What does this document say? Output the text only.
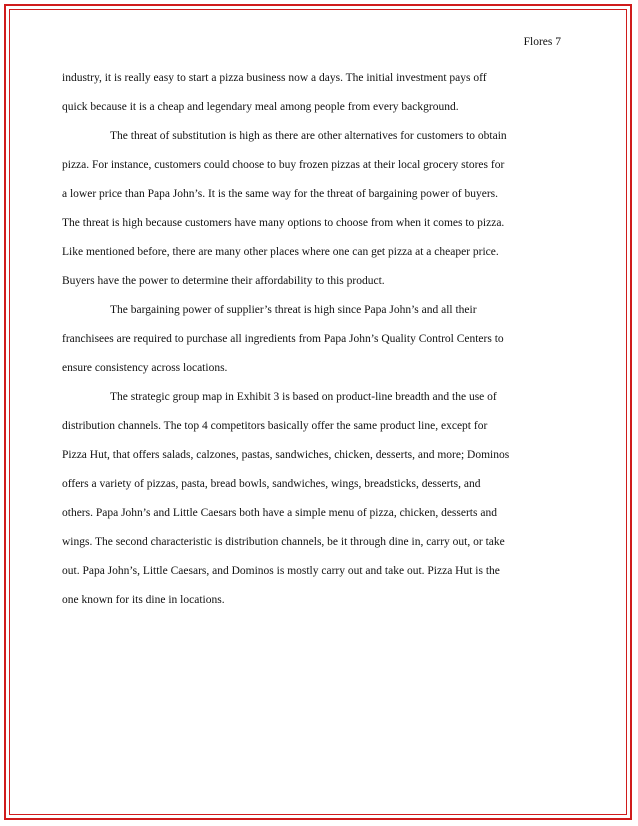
Flores 7

industry, it is really easy to start a pizza business now a days. The initial investment pays off
quick because it is a cheap and legendary meal among people from every background.

The threat of substitution is high as there are other alternatives for customers to obtain
pizza. For instance, customers could choose to buy frozen pizzas at their local grocery stores for
a lower price than Papa John’s. It is the same way for the threat of bargaining power of buyers.
The threat is high because customers have many options to choose from when it comes to pizza.
Like mentioned before, there are many other places where one can get pizza at a cheaper price.
Buyers have the power to determine their affordability to this product.

The bargaining power of supplier’s threat is high since Papa John’s and all their
franchisees are required to purchase all ingredients from Papa John’s Quality Control Centers to
ensure consistency across locations.

The strategic group map in Exhibit 3 is based on product-line breadth and the use of
distribution channels. The top 4 competitors basically offer the same product line, except for
Pizza Hut, that offers salads, calzones, pastas, sandwiches, chicken, desserts, and more; Dominos
offers a variety of pizzas, pasta, bread bowls, sandwiches, wings, breadsticks, desserts, and
others. Papa John’s and Little Caesars both have a simple menu of pizza, chicken, desserts and
wings. The second characteristic is distribution channels, be it through dine in, carry out, or take
out. Papa John’s, Little Caesars, and Dominos is mostly carry out and take out. Pizza Hut is the
one known for its dine in locations.
